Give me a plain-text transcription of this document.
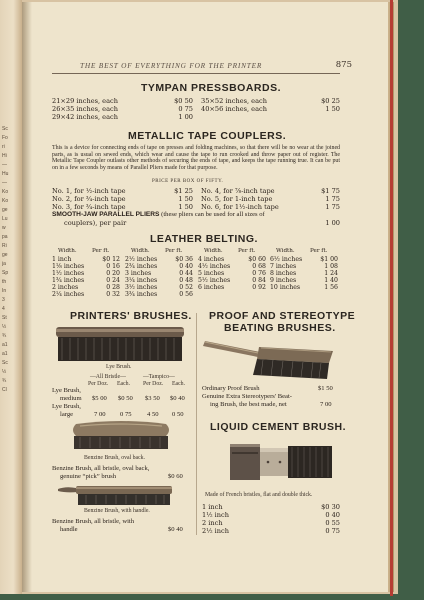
Sc
Fo
ri
Hi
—
Hu
—
Ko
Ko
ge
Lu
w
pa
Ri
ge
ja
Sp
th
In
3
4
St
½
¾
a1
a1
Sc
½
¾
Cl
THE BEST OF EVERYTHING FOR THE PRINTER	875
TYMPAN PRESSBOARDS.
21×29 inches, each	$0 50
26×35 inches, each	0 75
29×42 inches, each	1 00
35×52 inches, each	$0 25
40×56 inches, each	1 50
METALLIC TAPE COUPLERS.
This is a device for connecting ends of tape on presses and folding machines, so that there will be no wear at the joined parts, as is usual on sewed ends, which wear and cause the tape to run crooked and throw paper out of register. The Metallic Tape Coupler outlasts other methods of securing the ends of tape, and keeps the tape running true. It can be put on in a few seconds by means of Parallel Pliers made for that purpose.
PRICE PER BOX OF FIFTY.
No. 1, for ½-inch tape	$1 25
No. 2, for ¾-inch tape	1 50
No. 3, for ¾-inch tape	1 50
No. 4, for ⅞-inch tape	$1 75
No. 5, for 1-inch tape	1 75
No. 6, for 1½-inch tape	1 75
SMOOTH-JAW PARALLEL PLIERS (these pliers can be used for all sizes of
couplers), per pair	1 00
LEATHER BELTING.
Width.	Per ft.
1 inch	$0 12
1⅛ inches	0 16
1½ inches	0 20
1¾ inches	0 24
2 inches	0 28
2¼ inches	0 32
Width.	Per ft.
2½ inches	$0 36
2¾ inches	0 40
3 inches	0 44
3¼ inches	0 48
3½ inches	0 52
3¾ inches	0 56
Width.	Per ft.
4 inches	$0 60
4½ inches	0 68
5 inches	0 76
5½ inches	0 84
6 inches	0 92
Width.	Per ft.
6½ inches	$1 00
7 inches	1 08
8 inches	1 24
9 inches	1 40
10 inches	1 56
PRINTERS' BRUSHES.
Lye Brush.
—All Bristle—	—Tampico—
Per Doz. Each. Per Doz. Each.
Lye Brush,
medium $5 00 $0 50 $3 50 $0 40
Lye Brush,
large	7 00 0 75 4 50 0 50
Benzine Brush, oval back.
Benzine Brush, all bristle, oval back,
genuine “pick” brush	$0 60
Benzine Brush, with handle.
Benzine Brush, all bristle, with
handle	$0 40
PROOF AND STEREOTYPE
BEATING BRUSHES.
Ordinary Proof Brush	$1 50
Genuine Extra Stereotypers' Beat-
ing Brush, the best made, net	7 00
LIQUID CEMENT BRUSH.
Made of French bristles, flat and double thick.
1 inch	$0 30
1½ inch	0 40
2 inch	0 55
2½ inch	0 75
